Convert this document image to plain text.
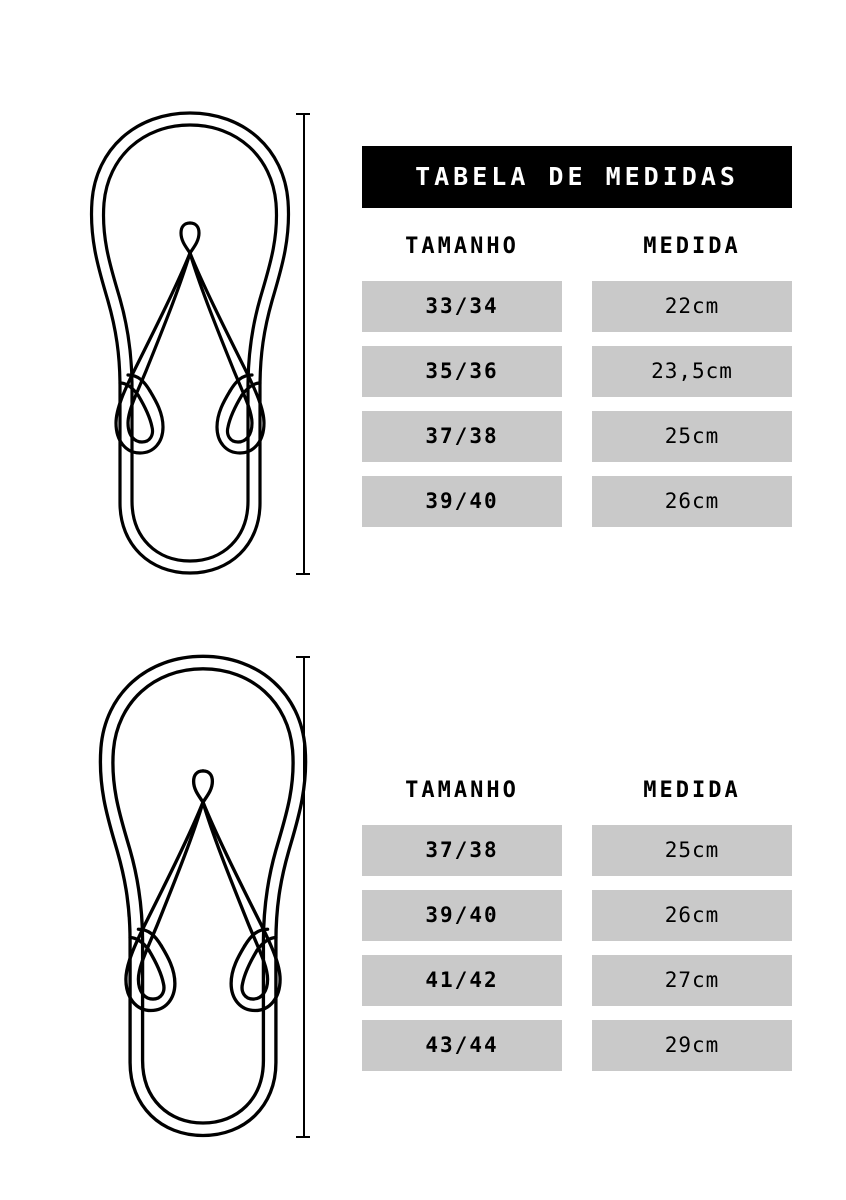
TABELA DE MEDIDAS
TAMANHO	MEDIDA
33/34	22cm
35/36	23,5cm
37/38	25cm
39/40	26cm
TAMANHO	MEDIDA
37/38	25cm
39/40	26cm
41/42	27cm
43/44	29cm
